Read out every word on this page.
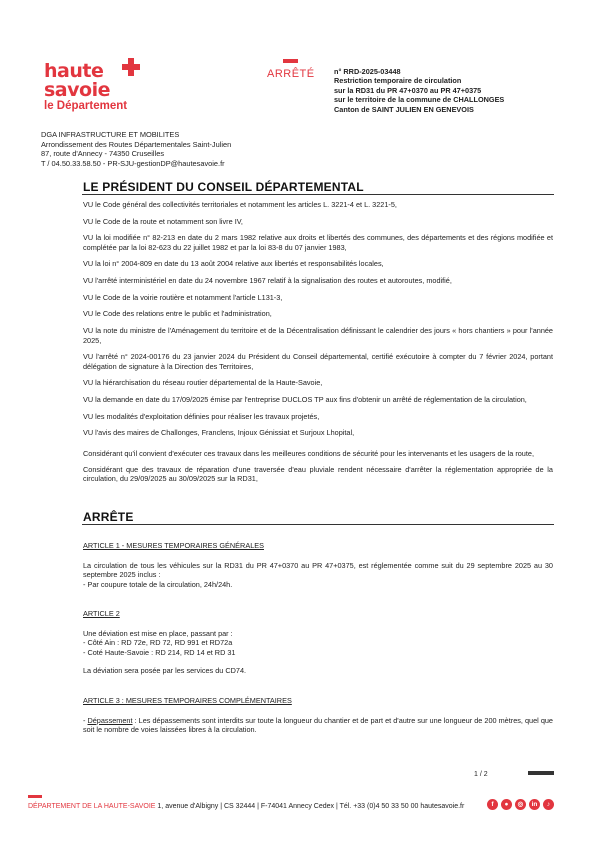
haute
savoie
le Département
ARRÊTÉ	n° RRD-2025-03448
Restriction temporaire de circulation
sur la RD31 du PR 47+0370 au PR 47+0375
sur le territoire de la commune de CHALLONGES
Canton de SAINT JULIEN EN GENEVOIS
DGA INFRASTRUCTURE ET MOBILITES
Arrondissement des Routes Départementales Saint-Julien
87, route d'Annecy - 74350 Cruseilles
T / 04.50.33.58.50 - PR-SJU-gestionDP@hautesavoie.fr
LE PRÉSIDENT DU CONSEIL DÉPARTEMENTAL

VU le Code général des collectivités territoriales et notamment les articles L. 3221-4 et L. 3221-5,

VU le Code de la route et notamment son livre IV,

VU la loi modifiée n° 82-213 en date du 2 mars 1982 relative aux droits et libertés des communes, des départements et des régions modifiée et complétée par la loi 82-623 du 22 juillet 1982 et par la loi 83-8 du 07 janvier 1983,

VU la loi n° 2004-809 en date du 13 août 2004 relative aux libertés et responsabilités locales,

VU l'arrêté interministériel en date du 24 novembre 1967 relatif à la signalisation des routes et autoroutes, modifié,

VU le Code de la voirie routière et notamment l'article L131-3,

VU le Code des relations entre le public et l'administration,

VU la note du ministre de l'Aménagement du territoire et de la Décentralisation définissant le calendrier des jours « hors chantiers » pour l'année 2025,

VU l'arrêté n° 2024-00176 du 23 janvier 2024 du Président du Conseil départemental, certifié exécutoire à compter du 7 février 2024, portant délégation de signature à la Direction des Territoires,

VU la hiérarchisation du réseau routier départemental de la Haute-Savoie,

VU la demande en date du 17/09/2025 émise par l'entreprise DUCLOS TP aux fins d'obtenir un arrêté de réglementation de la circulation,

VU les modalités d'exploitation définies pour réaliser les travaux projetés,

VU l'avis des maires de Challonges, Franclens, Injoux Génissiat et Surjoux Lhopital,

Considérant qu'il convient d'exécuter ces travaux dans les meilleures conditions de sécurité pour les intervenants et les usagers de la route,

Considérant que des travaux de réparation d'une traversée d'eau pluviale rendent nécessaire d'arrêter la réglementation appropriée de la circulation, du 29/09/2025 au 30/09/2025 sur la RD31,

ARRÊTE

ARTICLE 1 - MESURES TEMPORAIRES GÉNÉRALES

La circulation de tous les véhicules sur la RD31 du PR 47+0370 au PR 47+0375, est réglementée comme suit du 29 septembre 2025 au 30 septembre 2025 inclus :

- Par coupure totale de la circulation, 24h/24h.

ARTICLE 2

Une déviation est mise en place, passant par :

- Côté Ain : RD 72e, RD 72, RD 991 et RD72a

- Coté Haute-Savoie : RD 214, RD 14 et RD 31

La déviation sera posée par les services du CD74.

ARTICLE 3 : MESURES TEMPORAIRES COMPLÉMENTAIRES

- Dépassement : Les dépassements sont interdits sur toute la longueur du chantier et de part et d'autre sur une longueur de 200 mètres, quel que soit le nombre de voies laissées libres à la circulation.

1 / 2
DÉPARTEMENT DE LA HAUTE-SAVOIE 1, avenue d'Albigny | CS 32444 | F-74041 Annecy Cedex | Tél. +33 (0)4 50 33 50 00 hautesavoie.fr	f	●	◎	in	♪
